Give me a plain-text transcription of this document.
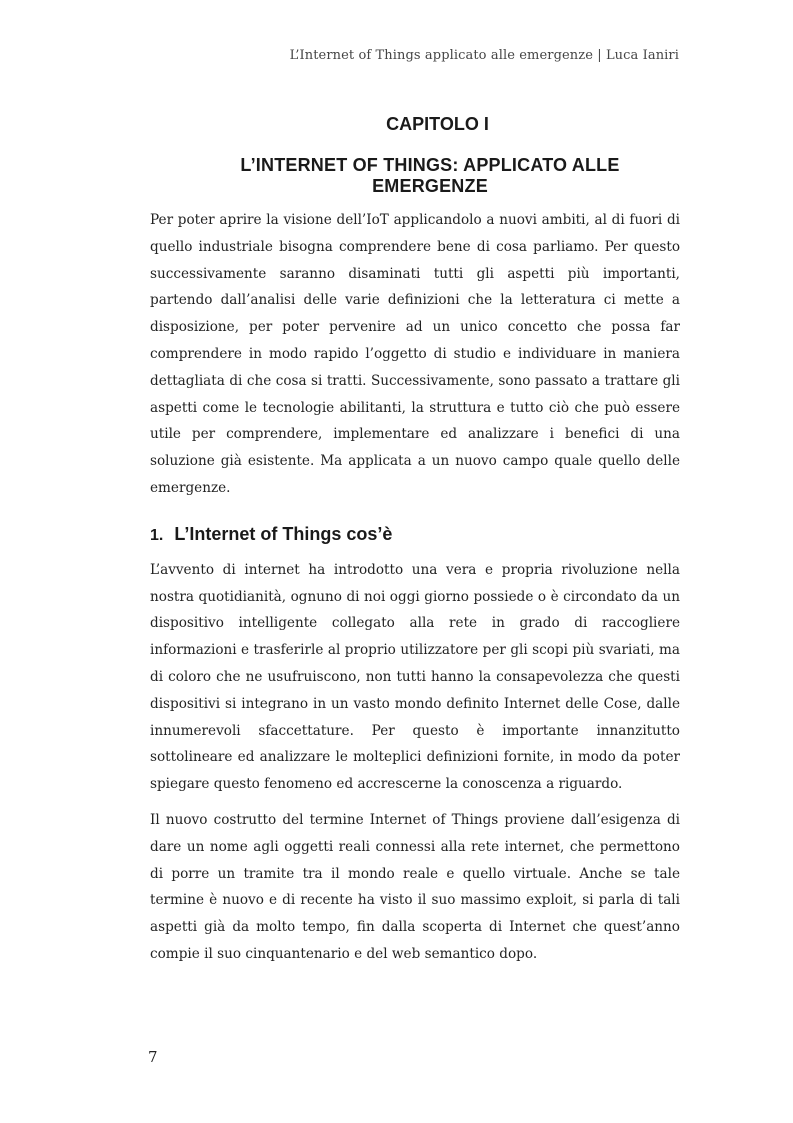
L’Internet of Things applicato alle emergenze | Luca Ianiri
CAPITOLO I
L’INTERNET OF THINGS: APPLICATO ALLE EMERGENZE

Per poter aprire la visione dell’IoT applicandolo a nuovi ambiti, al di fuori di quello industriale bisogna comprendere bene di cosa parliamo. Per questo successivamente saranno disaminati tutti gli aspetti più importanti, partendo dall’analisi delle varie definizioni che la letteratura ci mette a disposizione, per poter pervenire ad un unico concetto che possa far comprendere in modo rapido l’oggetto di studio e individuare in maniera dettagliata di che cosa si tratti. Successivamente, sono passato a trattare gli aspetti come le tecnologie abilitanti, la struttura e tutto ciò che può essere utile per comprendere, implementare ed analizzare i benefici di una soluzione già esistente. Ma applicata a un nuovo campo quale quello delle emergenze.

1. L’Internet of Things cos’è

L’avvento di internet ha introdotto una vera e propria rivoluzione nella nostra quotidianità, ognuno di noi oggi giorno possiede o è circondato da un dispositivo intelligente collegato alla rete in grado di raccogliere informazioni e trasferirle al proprio utilizzatore per gli scopi più svariati, ma di coloro che ne usufruiscono, non tutti hanno la consapevolezza che questi dispositivi si integrano in un vasto mondo definito Internet delle Cose, dalle innumerevoli sfaccettature. Per questo è importante innanzitutto sottolineare ed analizzare le molteplici definizioni fornite, in modo da poter spiegare questo fenomeno ed accrescerne la conoscenza a riguardo.

Il nuovo costrutto del termine Internet of Things proviene dall’esigenza di dare un nome agli oggetti reali connessi alla rete internet, che permettono di porre un tramite tra il mondo reale e quello virtuale. Anche se tale termine è nuovo e di recente ha visto il suo massimo exploit, si parla di tali aspetti già da molto tempo, fin dalla scoperta di Internet che quest’anno compie il suo cinquantenario e del web semantico dopo.

7
